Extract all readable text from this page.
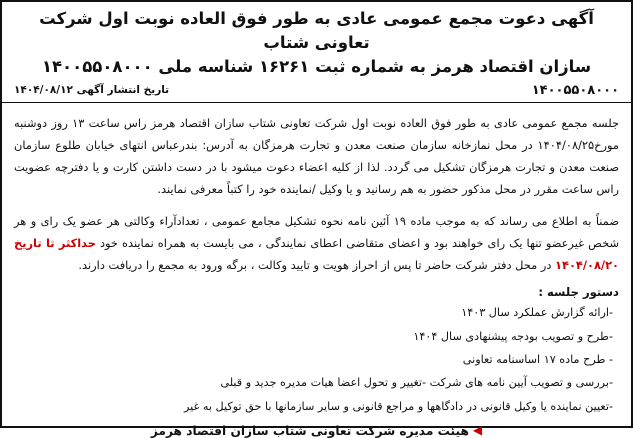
آگهی دعوت مجمع عمومی عادی به طور فوق العاده نوبت اول شرکت تعاونی شتاب
سازان اقتصاد هرمز به شماره ثبت ۱۶۲۶۱ شناسه ملی ۱۴۰۰۵۵۰۸۰۰۰
تاریخ انتشار آگهی ۱۴۰۴/۰۸/۱۲	۱۴۰۰۵۵۰۸۰۰۰

جلسه مجمع عمومی عادی به طور فوق العاده نوبت اول شرکت تعاونی شتاب سازان اقتصاد هرمز راس ساعت ۱۳ روز دوشنبه مورخ۱۴۰۴/۰۸/۲۵ در محل نمازخانه سازمان صنعت معدن و تجارت هرمزگان به آدرس: بندرعباس انتهای خیابان طلوع سازمان صنعت معدن و تجارت هرمزگان تشکیل می گردد. لذا از کلیه اعضاء دعوت میشود با در دست داشتن کارت و یا دفترچه عضویت راس ساعت مقرر در محل مذکور حضور به هم رسانید و یا وکیل /نماینده خود را کتباً معرفی نمایند.

ضمناً به اطلاع می رساند که به موجب ماده ۱۹ آئین نامه نحوه تشکیل مجامع عمومی ، تعدادآراء وکالتی هر عضو یک رای و هر شخص غیرعضو تنها یک رای خواهند بود و اعضای متقاضی اعطای نمایندگی ، می بایست به همراه نماینده خود حداکثر تا تاریخ ۱۴۰۴/۰۸/۲۰ در محل دفتر شرکت حاضر تا پس از احراز هویت و تایید وکالت ، برگه ورود به مجمع را دریافت دارند.

دستور جلسه :
-ارائه گزارش عملکرد سال ۱۴۰۳
-طرح و تصویب بودجه پیشنهادی سال ۱۴۰۴
- طرح ماده ۱۷ اساسنامه تعاونی
-بررسی و تصویب آیین نامه های شرکت -تغییر و تحول اعضا هیات مدیره جدید و قبلی
-تعیین نماینده یا وکیل قانونی در دادگاهها و مراجع قانونی و سایر سازمانها با حق توکیل به غیر
◀هیئت مدیره شرکت تعاونی شتاب سازان اقتصاد هرمز
